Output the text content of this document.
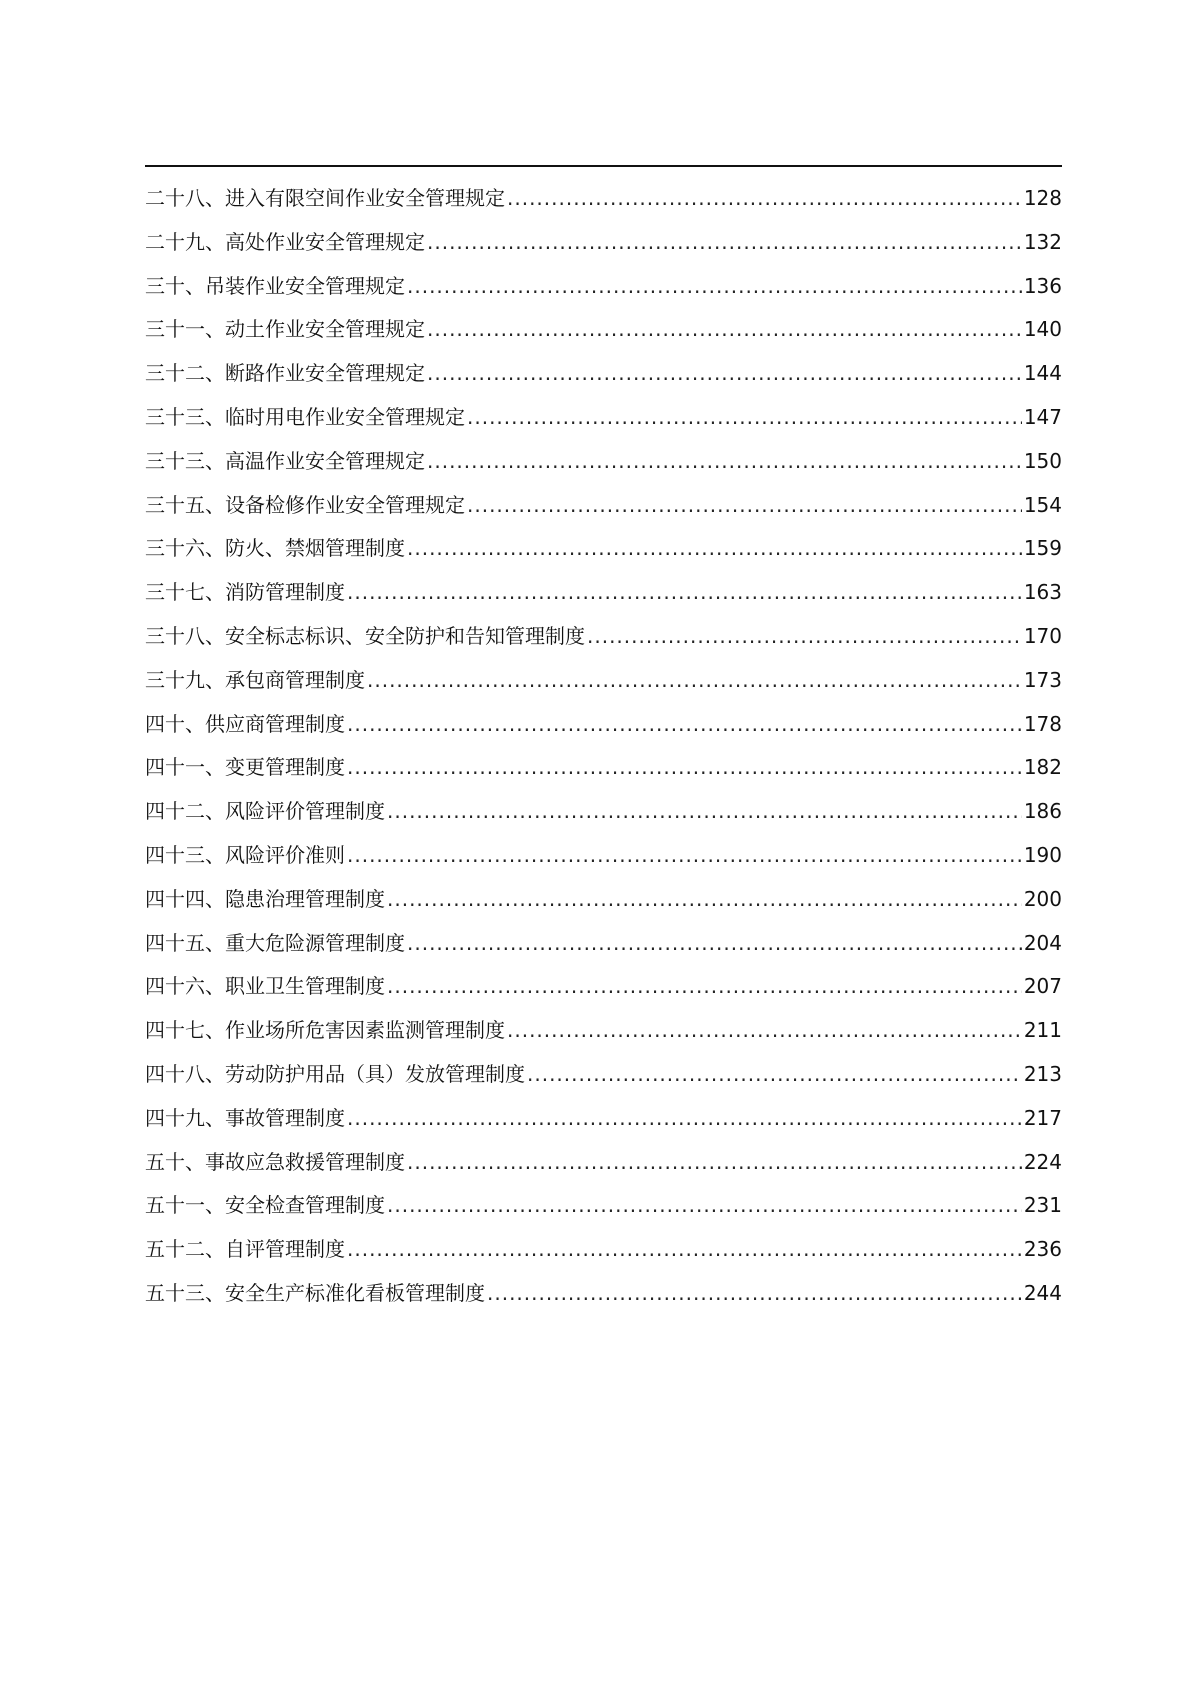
二十八、进入有限空间作业安全管理规定 .....	128
二十九、高处作业安全管理规定 .....	132
三十、吊装作业安全管理规定 .....	136
三十一、动土作业安全管理规定 .....	140
三十二、断路作业安全管理规定 .....	144
三十三、临时用电作业安全管理规定 .....	147
三十三、高温作业安全管理规定 .....	150
三十五、设备检修作业安全管理规定 .....	154
三十六、防火、禁烟管理制度 .....	159
三十七、消防管理制度 .....	163
三十八、安全标志标识、安全防护和告知管理制度 .....	170
三十九、承包商管理制度 .....	173
四十、供应商管理制度 .....	178
四十一、变更管理制度 .....	182
四十二、风险评价管理制度 .....	186
四十三、风险评价准则 .....	190
四十四、隐患治理管理制度 .....	200
四十五、重大危险源管理制度 .....	204
四十六、职业卫生管理制度 .....	207
四十七、作业场所危害因素监测管理制度 .....	211
四十八、劳动防护用品（具）发放管理制度 .....	213
四十九、事故管理制度 .....	217
五十、事故应急救援管理制度 .....	224
五十一、安全检查管理制度 .....	231
五十二、自评管理制度 .....	236
五十三、安全生产标准化看板管理制度 .....	244
